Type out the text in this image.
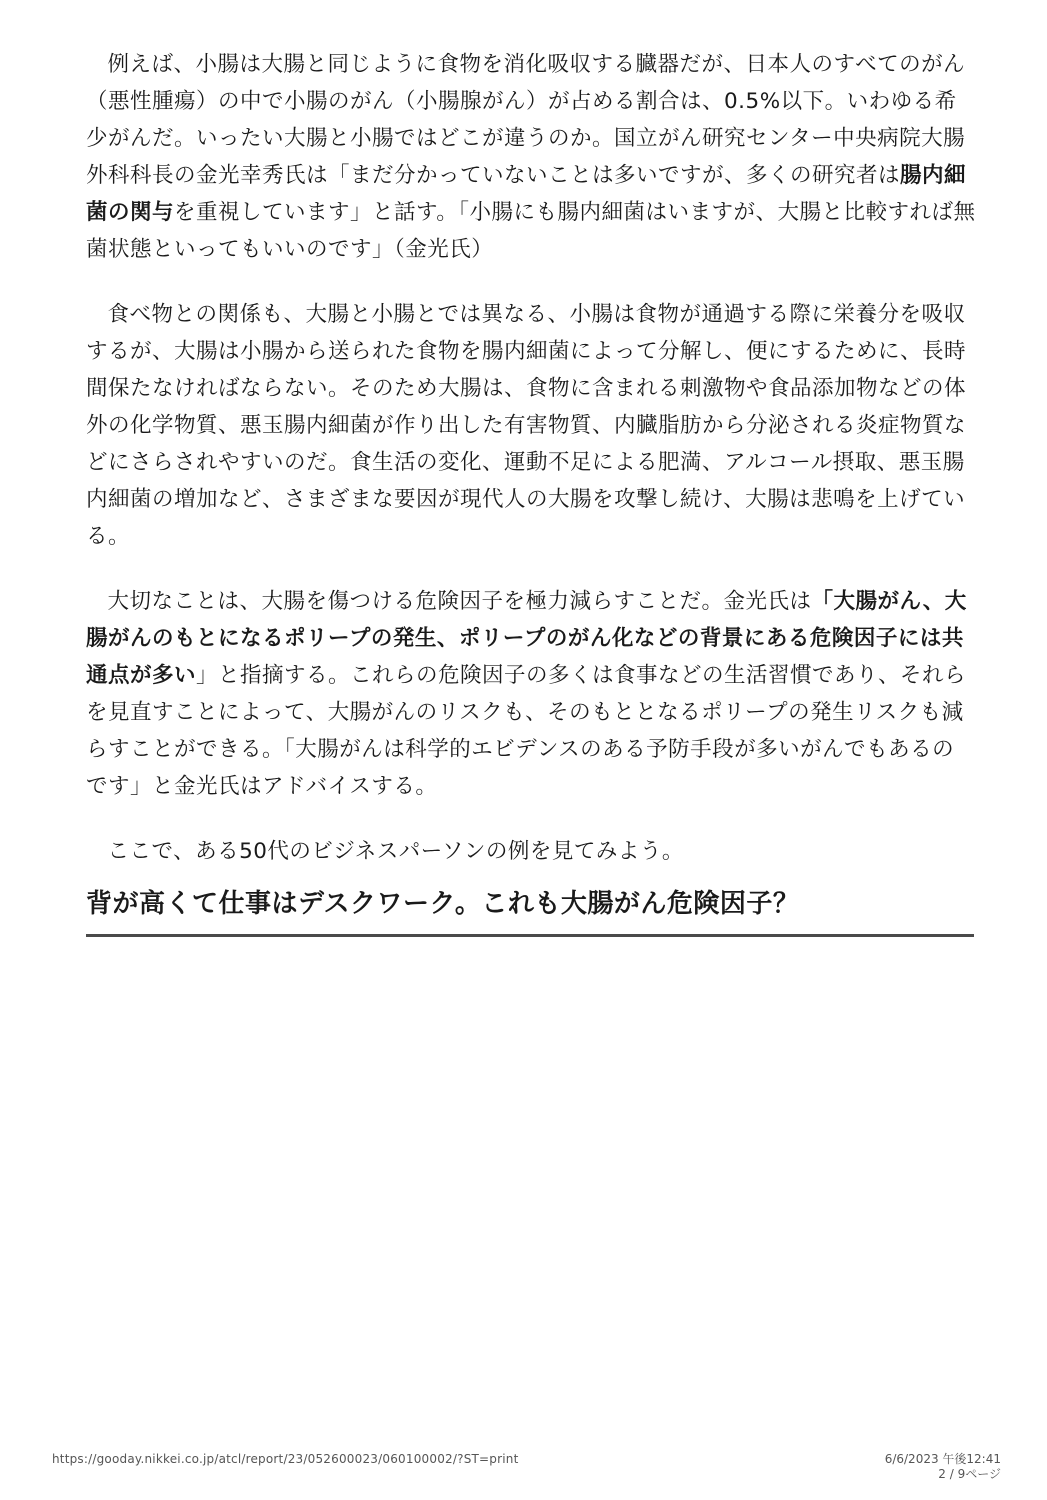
例えば、小腸は大腸と同じように食物を消化吸収する臓器だが、日本人のすべてのがん（悪性腫瘍）の中で小腸のがん（小腸腺がん）が占める割合は、0.5%以下。いわゆる希少がんだ。いったい大腸と小腸ではどこが違うのか。国立がん研究センター中央病院大腸外科科長の金光幸秀氏は「まだ分かっていないことは多いですが、多くの研究者は腸内細菌の関与を重視しています」と話す。「小腸にも腸内細菌はいますが、大腸と比較すれば無菌状態といってもいいのです」（金光氏）

食べ物との関係も、大腸と小腸とでは異なる、小腸は食物が通過する際に栄養分を吸収するが、大腸は小腸から送られた食物を腸内細菌によって分解し、便にするために、長時間保たなければならない。そのため大腸は、食物に含まれる刺激物や食品添加物などの体外の化学物質、悪玉腸内細菌が作り出した有害物質、内臓脂肪から分泌される炎症物質などにさらされやすいのだ。食生活の変化、運動不足による肥満、アルコール摂取、悪玉腸内細菌の増加など、さまざまな要因が現代人の大腸を攻撃し続け、大腸は悲鳴を上げている。

大切なことは、大腸を傷つける危険因子を極力減らすことだ。金光氏は「大腸がん、大腸がんのもとになるポリープの発生、ポリープのがん化などの背景にある危険因子には共通点が多い」と指摘する。これらの危険因子の多くは食事などの生活習慣であり、それらを見直すことによって、大腸がんのリスクも、そのもととなるポリープの発生リスクも減らすことができる。「大腸がんは科学的エビデンスのある予防手段が多いがんでもあるのです」と金光氏はアドバイスする。

ここで、ある50代のビジネスパーソンの例を見てみよう。

背が高くて仕事はデスクワーク。これも大腸がん危険因子？
https://gooday.nikkei.co.jp/atcl/report/23/052600023/060100002/?ST=print	6/6/2023 午後12:41
2 / 9ページ
